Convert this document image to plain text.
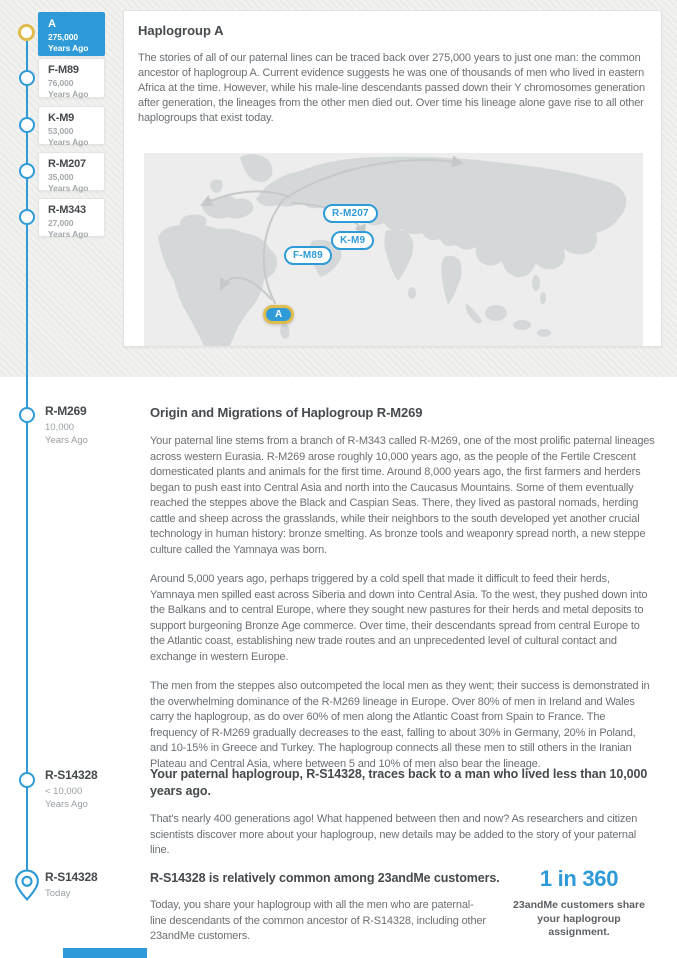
A
275,000
Years Ago
F-M89
76,000
Years Ago
K-M9
53,000
Years Ago
R-M207
35,000
Years Ago
R-M343
27,000
Years Ago
Haplogroup A
The stories of all of our paternal lines can be traced back over 275,000 years to just one man: the common ancestor of haplogroup A. Current evidence suggests he was one of thousands of men who lived in eastern Africa at the time. However, while his male-line descendants passed down their Y chromosomes generation after generation, the lineages from the other men died out. Over time his lineage alone gave rise to all other haplogroups that exist today.
R-M207
K-M9
F-M89
A
R-M269
10,000
Years Ago
Origin and Migrations of Haplogroup R-M269

Your paternal line stems from a branch of R-M343 called R-M269, one of the most prolific paternal lineages across western Eurasia. R-M269 arose roughly 10,000 years ago, as the people of the Fertile Crescent domesticated plants and animals for the first time. Around 8,000 years ago, the first farmers and herders began to push east into Central Asia and north into the Caucasus Mountains. Some of them eventually reached the steppes above the Black and Caspian Seas. There, they lived as pastoral nomads, herding cattle and sheep across the grasslands, while their neighbors to the south developed yet another crucial technology in human history: bronze smelting. As bronze tools and weaponry spread north, a new steppe culture called the Yamnaya was born.

Around 5,000 years ago, perhaps triggered by a cold spell that made it difficult to feed their herds, Yamnaya men spilled east across Siberia and down into Central Asia. To the west, they pushed down into the Balkans and to central Europe, where they sought new pastures for their herds and metal deposits to support burgeoning Bronze Age commerce. Over time, their descendants spread from central Europe to the Atlantic coast, establishing new trade routes and an unprecedented level of cultural contact and exchange in western Europe.

The men from the steppes also outcompeted the local men as they went; their success is demonstrated in the overwhelming dominance of the R-M269 lineage in Europe. Over 80% of men in Ireland and Wales carry the haplogroup, as do over 60% of men along the Atlantic Coast from Spain to France. The frequency of R-M269 gradually decreases to the east, falling to about 30% in Germany, 20% in Poland, and 10-15% in Greece and Turkey. The haplogroup connects all these men to still others in the Iranian Plateau and Central Asia, where between 5 and 10% of men also bear the lineage.

R-S14328
< 10,000
Years Ago
Your paternal haplogroup, R-S14328, traces back to a man who lived less than 10,000 years ago.

That's nearly 400 generations ago! What happened between then and now? As researchers and citizen scientists discover more about your haplogroup, new details may be added to the story of your paternal line.

R-S14328
Today
R-S14328 is relatively common among 23andMe customers.

Today, you share your haplogroup with all the men who are paternal-line descendants of the common ancestor of R-S14328, including other 23andMe customers.

1 in 360
23andMe customers share your haplogroup assignment.
